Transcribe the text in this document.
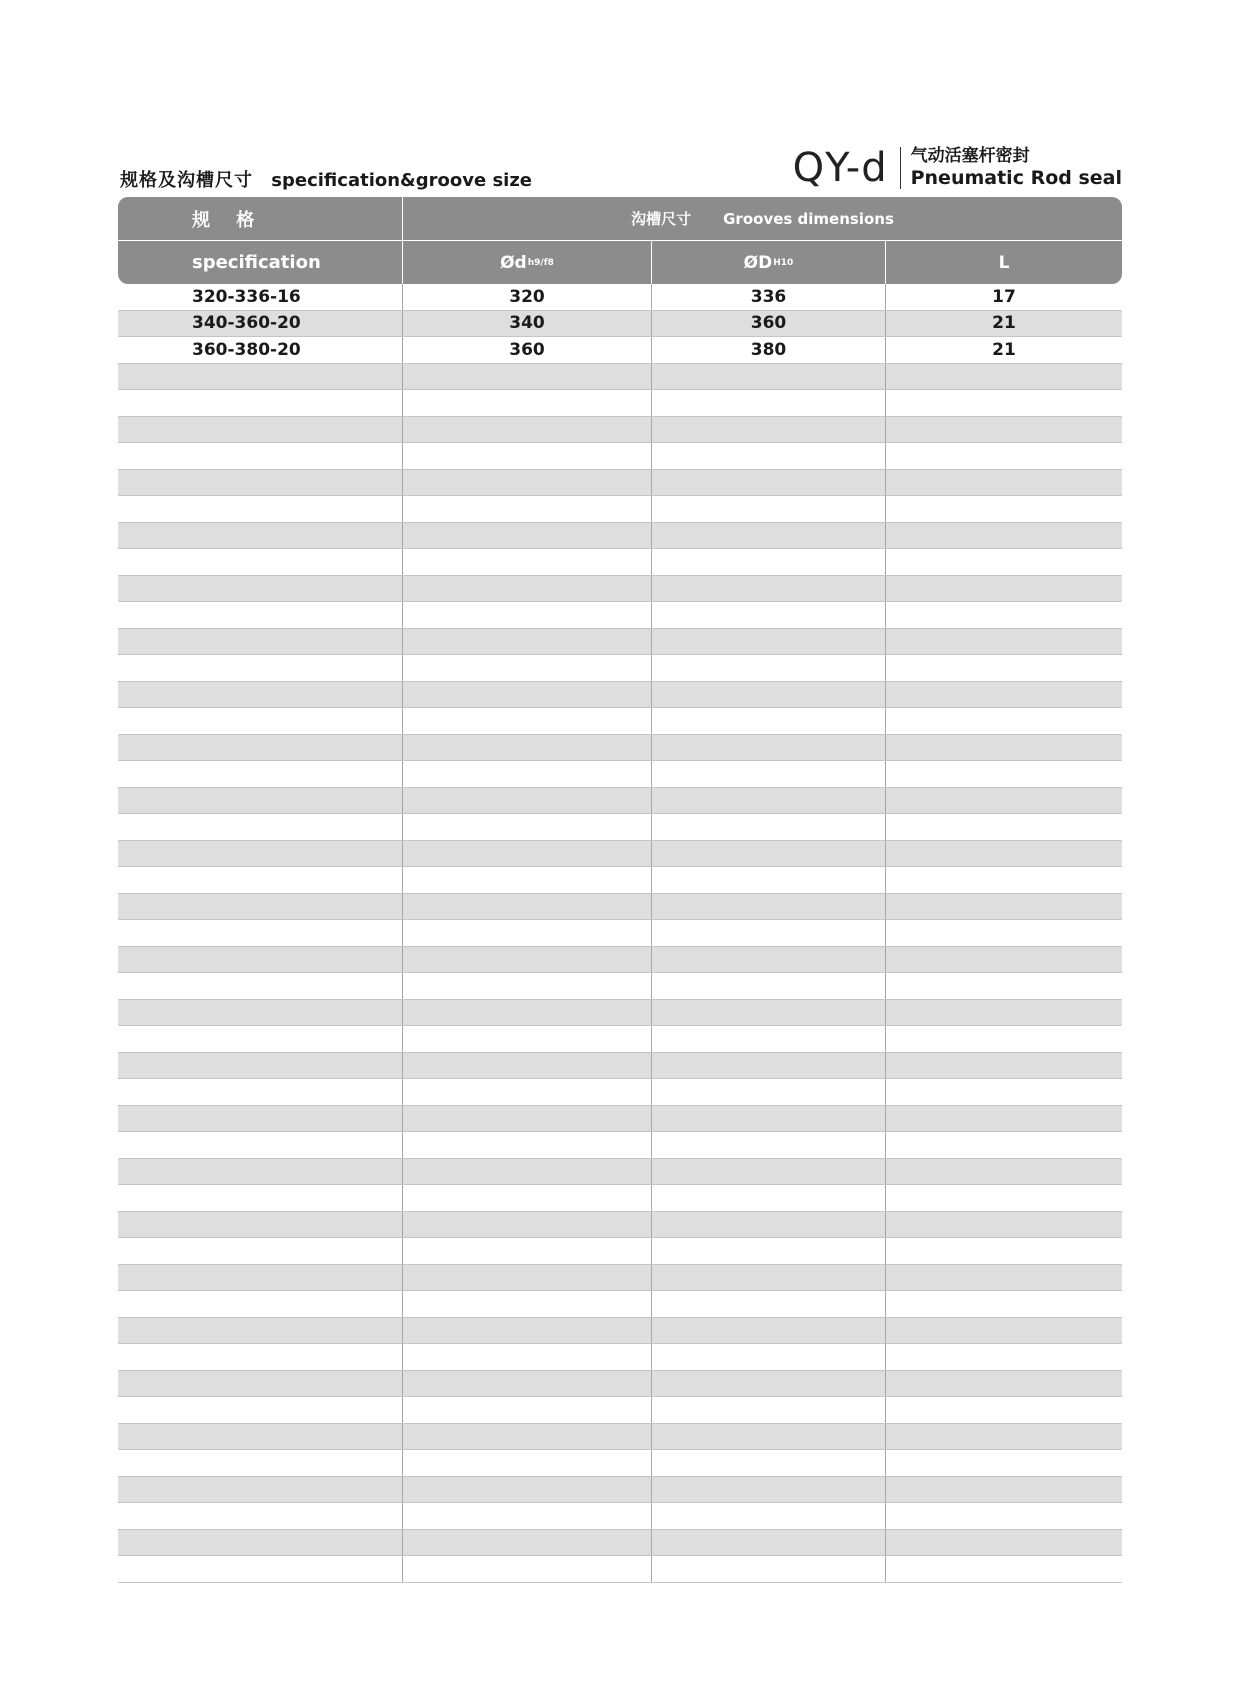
规格及沟槽尺寸 specification&groove size	QY-d 气动活塞杆密封
Pneumatic Rod seal
规 格	沟槽尺寸 Grooves dimensions
specification	Ød h9/f8	ØD H10	L
320-336-16	320	336	17
340-360-20	340	360	21
360-380-20	360	380	21
